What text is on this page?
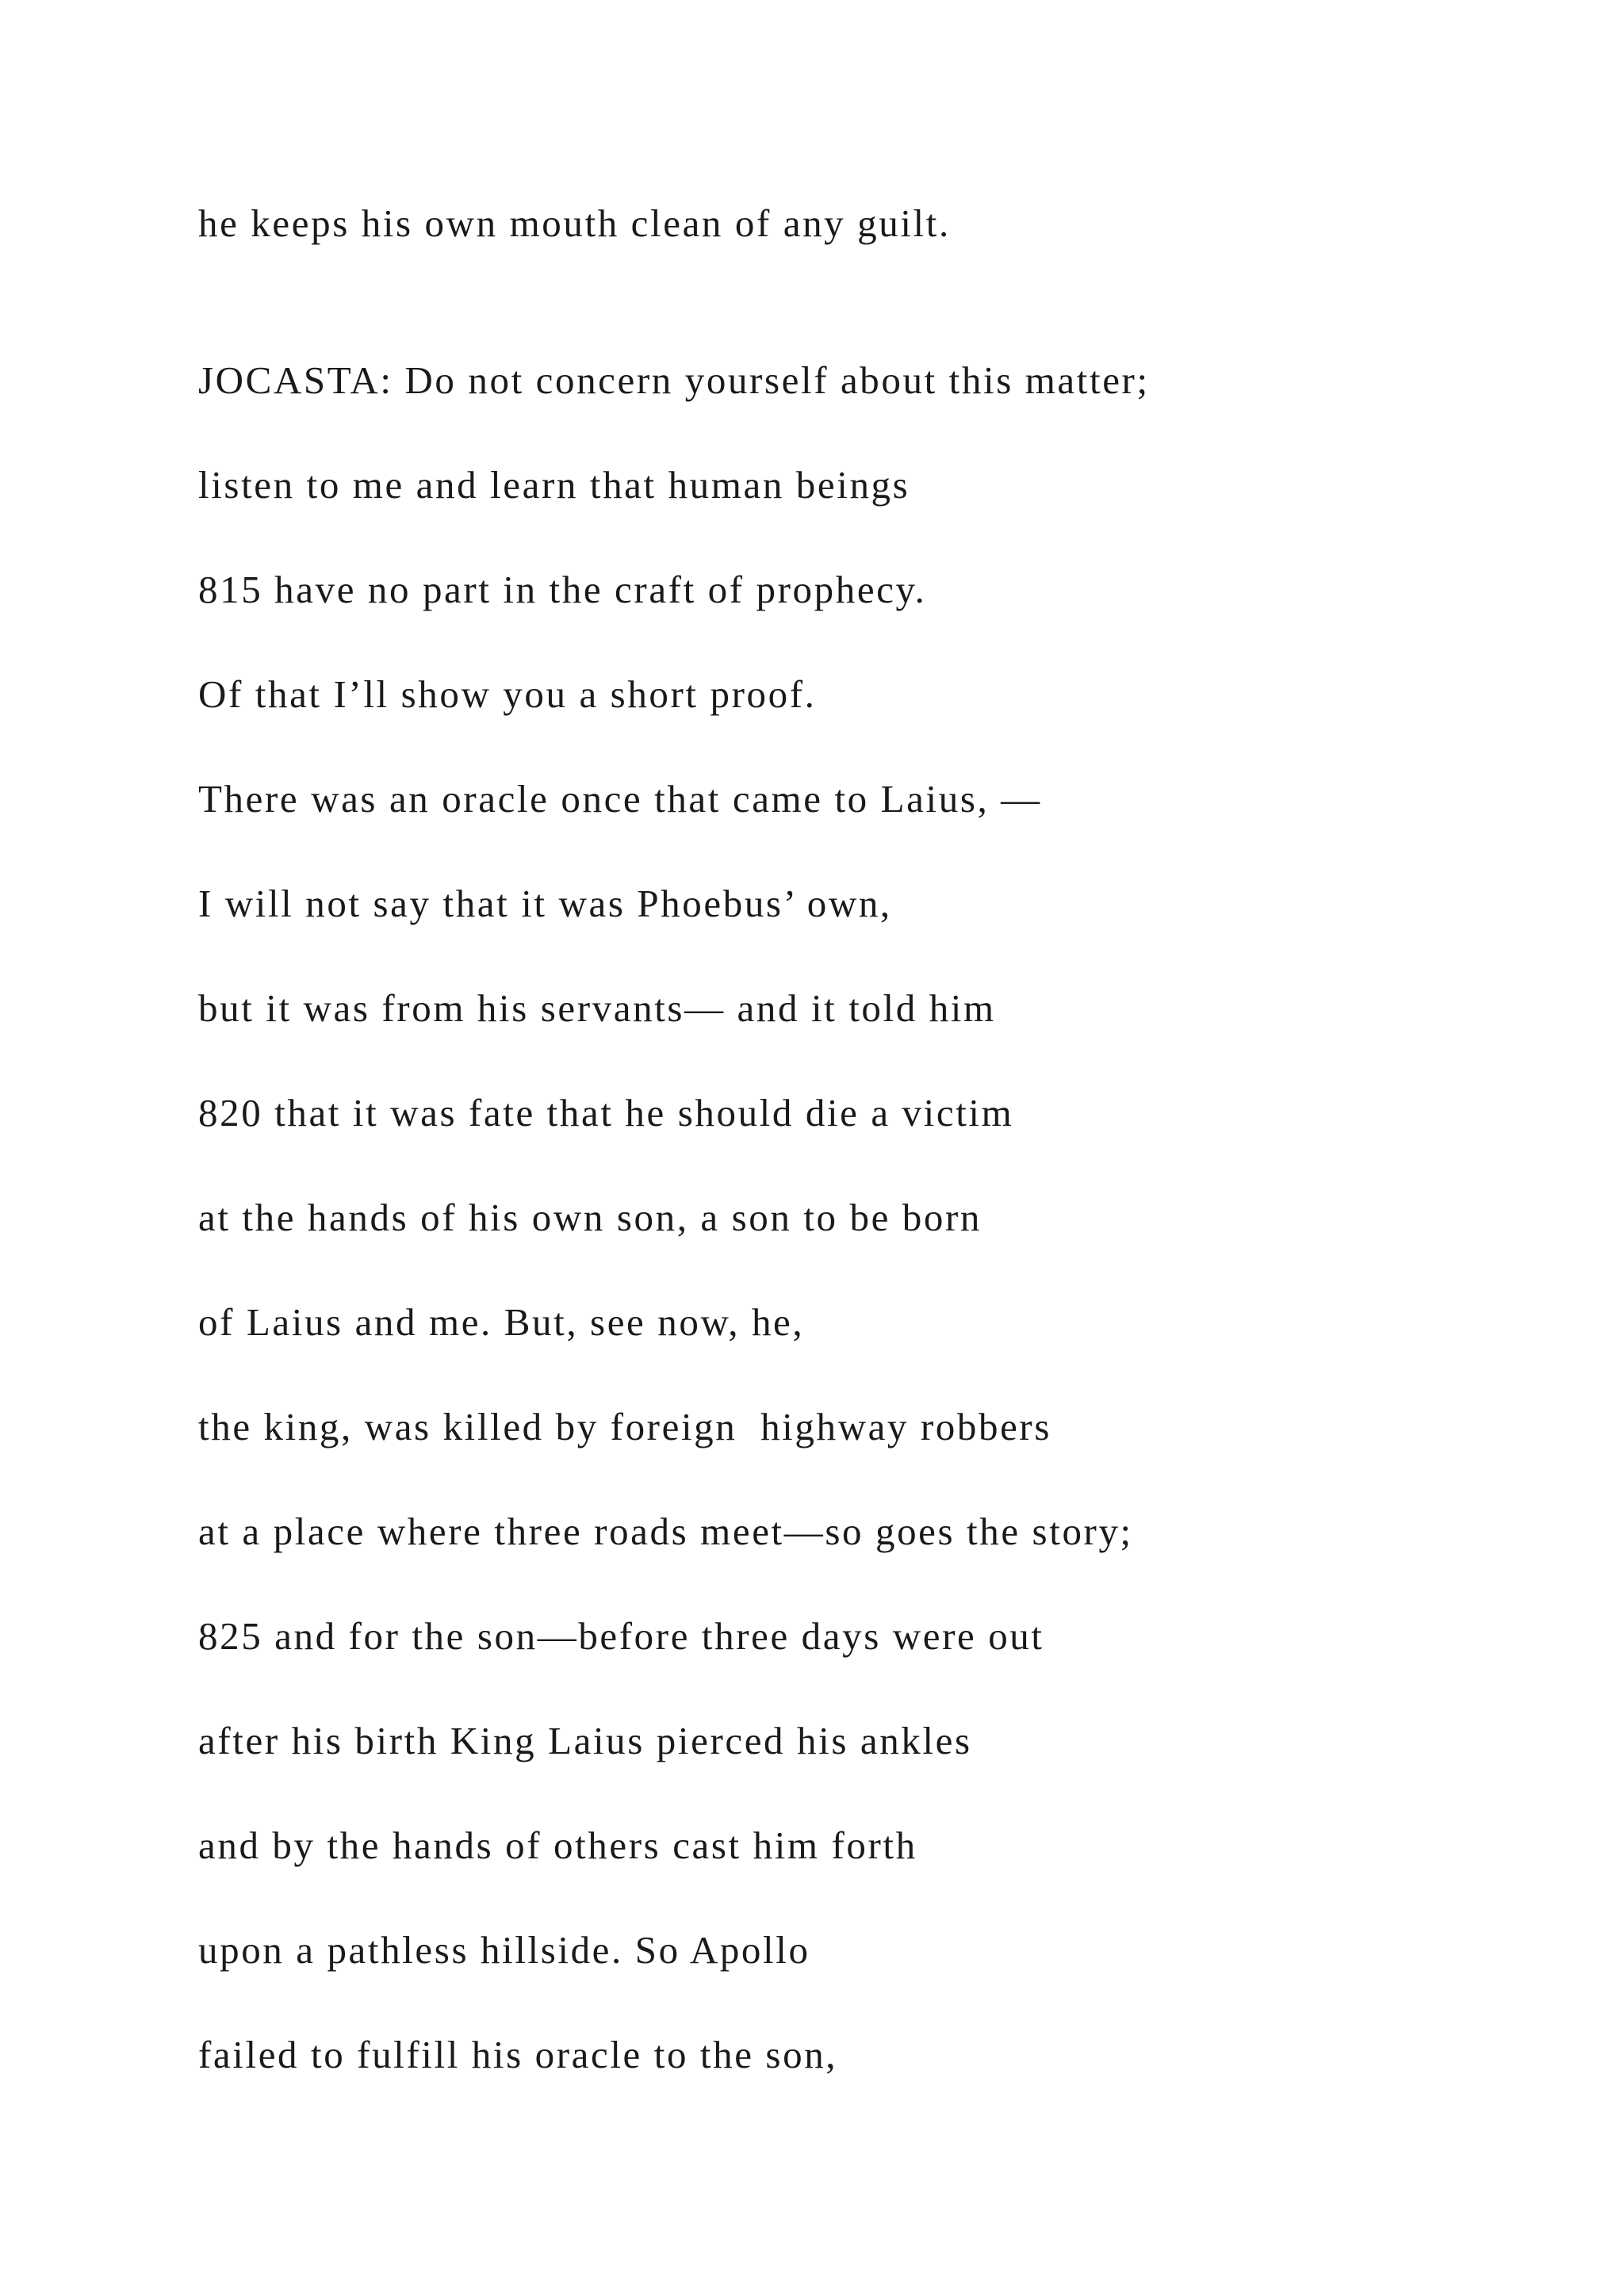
he keeps his own mouth clean of any guilt.

JOCASTA: Do not concern yourself about this matter;

listen to me and learn that human beings

815 have no part in the craft of prophecy.

Of that I’ll show you a short proof.

There was an oracle once that came to Laius, —

I will not say that it was Phoebus’ own,

but it was from his servants— and it told him

820 that it was fate that he should die a victim

at the hands of his own son, a son to be born

of Laius and me. But, see now, he,

the king, was killed by foreign  highway robbers

at a place where three roads meet—so goes the story;

825 and for the son—before three days were out

after his birth King Laius pierced his ankles

and by the hands of others cast him forth

upon a pathless hillside. So Apollo

failed to fulfill his oracle to the son,
